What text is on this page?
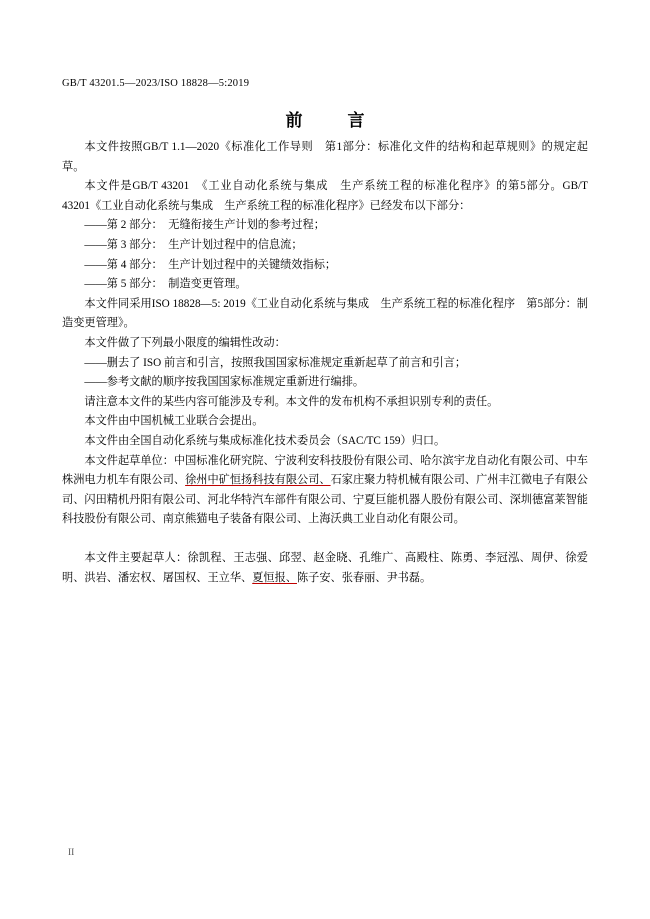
GB/T 43201.5—2023/ISO 18828—5:2019
前　言

本文件按照GB/T 1.1—2020《标准化工作导则　第1部分：标准化文件的结构和起草规则》的规定起草。

本文件是GB/T 43201　《工业自动化系统与集成　生产系统工程的标准化程序》的第5部分。GB/T 43201《工业自动化系统与集成　生产系统工程的标准化程序》已经发布以下部分：

——第 2 部分：　无缝衔接生产计划的参考过程；

——第 3 部分：　生产计划过程中的信息流；

——第 4 部分：　生产计划过程中的关键绩效指标；

——第 5 部分：　制造变更管理。

本文件同采用ISO 18828—5: 2019《工业自动化系统与集成　生产系统工程的标准化程序　第5部分：制造变更管理》。

本文件做了下列最小限度的编辑性改动：

——删去了 ISO 前言和引言，按照我国国家标准规定重新起草了前言和引言；

——参考文献的顺序按我国国家标准规定重新进行编排。

请注意本文件的某些内容可能涉及专利。本文件的发布机构不承担识别专利的责任。

本文件由中国机械工业联合会提出。

本文件由全国自动化系统与集成标准化技术委员会（SAC/TC 159）归口。

本文件起草单位：中国标准化研究院、宁波利安科技股份有限公司、哈尔滨宇龙自动化有限公司、中车株洲电力机车有限公司、徐州中矿恒扬科技有限公司、石家庄聚力特机械有限公司、广州丰江微电子有限公司、闪田精机丹阳有限公司、河北华特汽车部件有限公司、宁夏巨能机器人股份有限公司、深圳德富莱智能科技股份有限公司、南京熊猫电子装备有限公司、上海沃典工业自动化有限公司。

本文件主要起草人：徐凯程、王志强、邱翌、赵金晓、孔维广、高殿柱、陈勇、李冠泓、周伊、徐爱明、洪岩、潘宏权、屠国权、王立华、夏恒报、陈子安、张春丽、尹书磊。

II
